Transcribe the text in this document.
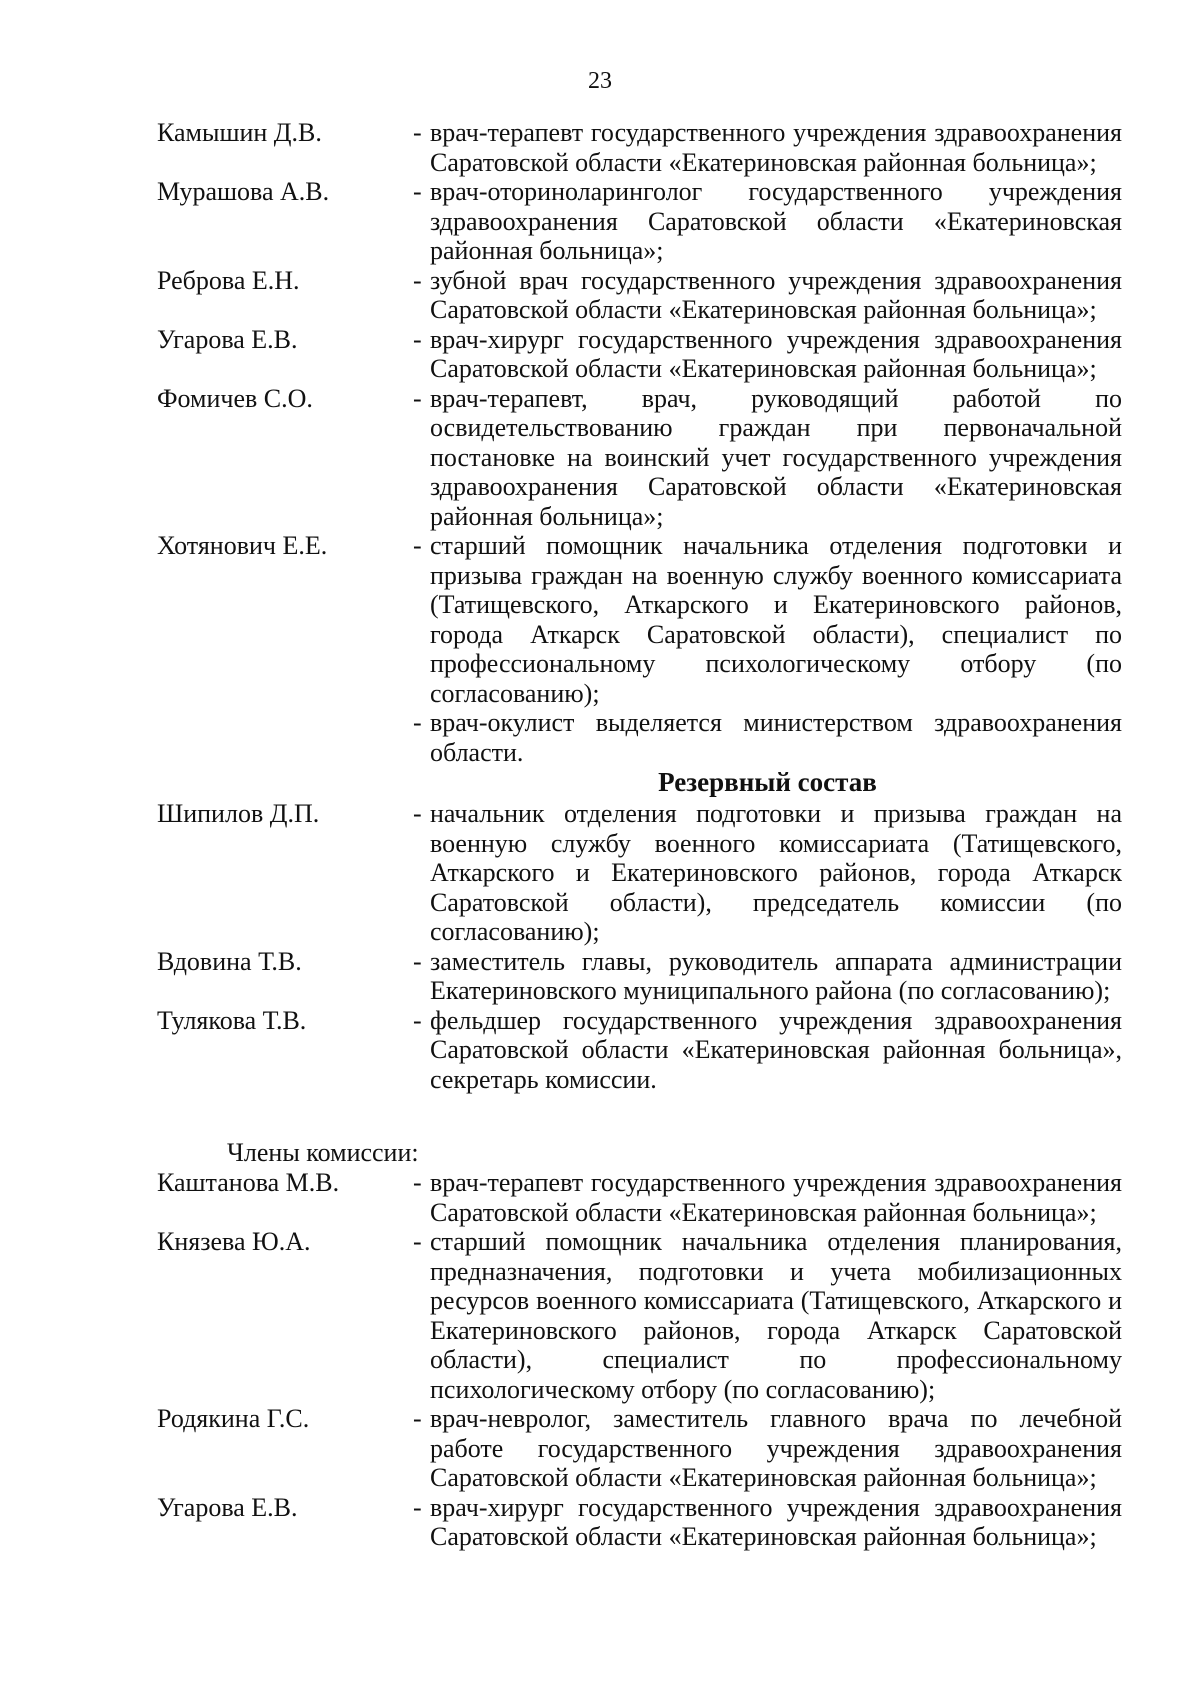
23
Камышин Д.В.	- врач-терапевт государственного учреждения здравоохранения Саратовской области «Екатериновская районная больница»;
Мурашова А.В.	- врач-оториноларинголог государственного учреждения здравоохранения Саратовской области «Екатериновская районная больница»;
Реброва Е.Н.	- зубной врач государственного учреждения здравоохранения Саратовской области «Екатериновская районная больница»;
Угарова Е.В.	- врач-хирург государственного учреждения здравоохранения Саратовской области «Екатериновская районная больница»;
Фомичев С.О.	- врач-терапевт, врач, руководящий работой по освидетельствованию граждан при первоначальной постановке на воинский учет государственного учреждения здравоохранения Саратовской области «Екатериновская районная больница»;
Хотянович Е.Е.	- старший помощник начальника отделения подготовки и призыва граждан на военную службу военного комиссариата (Татищевского, Аткарского и Екатериновского районов, города Аткарск Саратовской области), специалист по профессиональному психологическому отбору (по согласованию);
- врач-окулист выделяется министерством здравоохранения области.
Резервный состав
Шипилов Д.П.	- начальник отделения подготовки и призыва граждан на военную службу военного комиссариата (Татищевского, Аткарского и Екатериновского районов, города Аткарск Саратовской области), председатель комиссии (по согласованию);
Вдовина Т.В.	- заместитель главы, руководитель аппарата администрации Екатериновского муниципального района (по согласованию);
Тулякова Т.В.	- фельдшер государственного учреждения здравоохранения Саратовской области «Екатериновская районная больница», секретарь комиссии.
Члены комиссии:
Каштанова М.В.	- врач-терапевт государственного учреждения здравоохранения Саратовской области «Екатериновская районная больница»;
Князева Ю.А.	- старший помощник начальника отделения планирования, предназначения, подготовки и учета мобилизационных ресурсов военного комиссариата (Татищевского, Аткарского и Екатериновского районов, города Аткарск Саратовской области), специалист по профессиональному психологическому отбору (по согласованию);
Родякина Г.С.	- врач-невролог, заместитель главного врача по лечебной работе государственного учреждения здравоохранения Саратовской области «Екатериновская районная больница»;
Угарова Е.В.	- врач-хирург государственного учреждения здравоохранения Саратовской области «Екатериновская районная больница»;
